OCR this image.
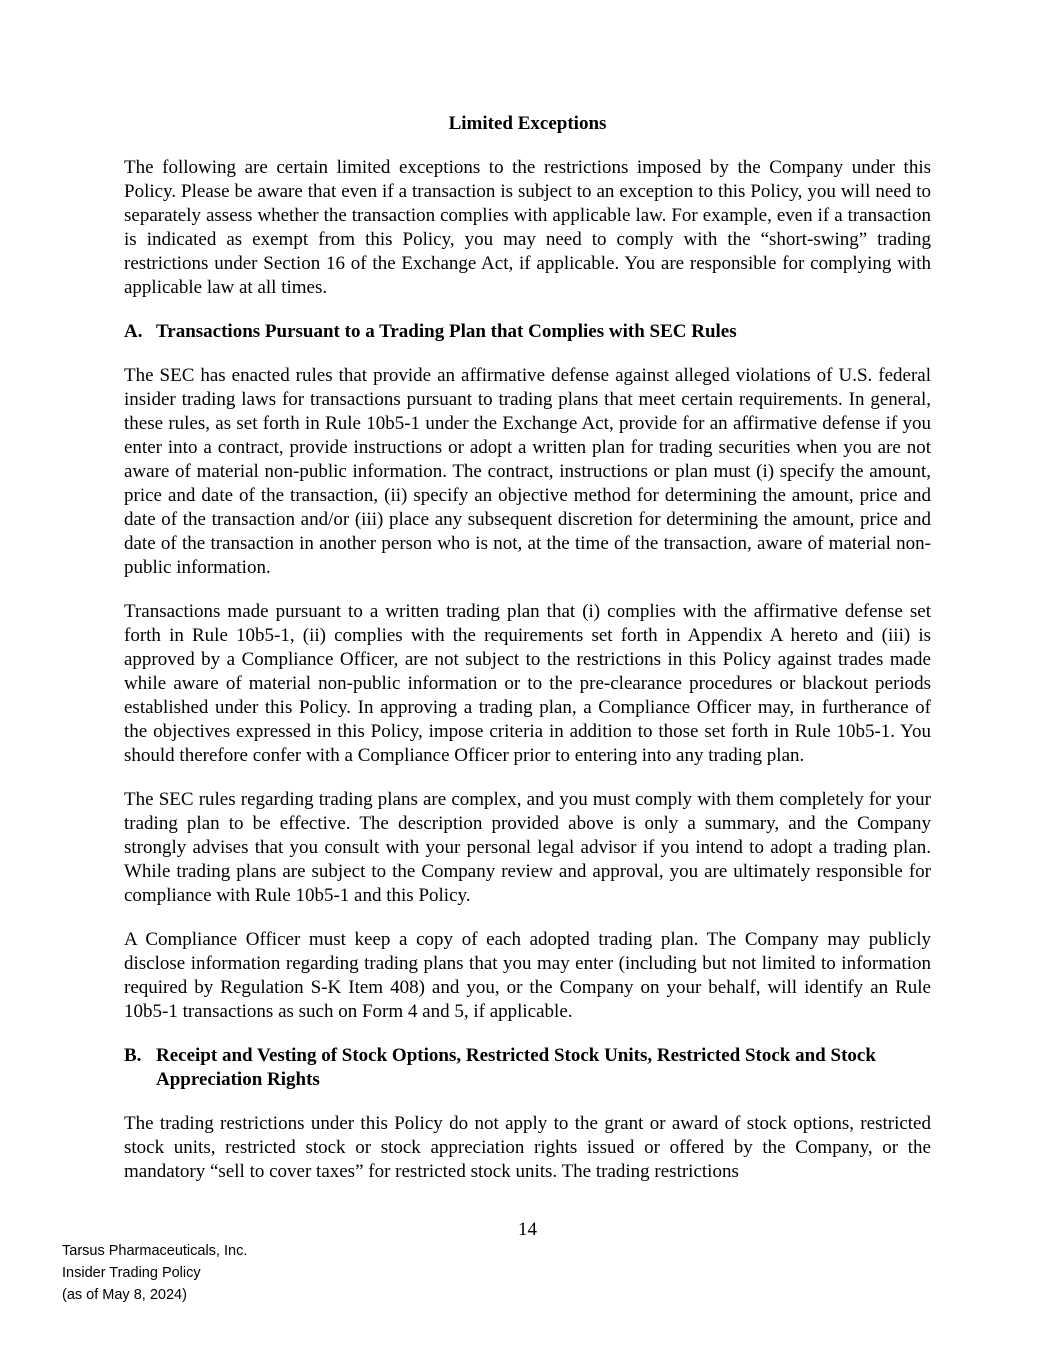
Limited Exceptions

The following are certain limited exceptions to the restrictions imposed by the Company under this Policy. Please be aware that even if a transaction is subject to an exception to this Policy, you will need to separately assess whether the transaction complies with applicable law. For example, even if a transaction is indicated as exempt from this Policy, you may need to comply with the “short-swing” trading restrictions under Section 16 of the Exchange Act, if applicable. You are responsible for complying with applicable law at all times.

A. Transactions Pursuant to a Trading Plan that Complies with SEC Rules

The SEC has enacted rules that provide an affirmative defense against alleged violations of U.S. federal insider trading laws for transactions pursuant to trading plans that meet certain requirements. In general, these rules, as set forth in Rule 10b5-1 under the Exchange Act, provide for an affirmative defense if you enter into a contract, provide instructions or adopt a written plan for trading securities when you are not aware of material non-public information. The contract, instructions or plan must (i) specify the amount, price and date of the transaction, (ii) specify an objective method for determining the amount, price and date of the transaction and/or (iii) place any subsequent discretion for determining the amount, price and date of the transaction in another person who is not, at the time of the transaction, aware of material non-public information.

Transactions made pursuant to a written trading plan that (i) complies with the affirmative defense set forth in Rule 10b5-1, (ii) complies with the requirements set forth in Appendix A hereto and (iii) is approved by a Compliance Officer, are not subject to the restrictions in this Policy against trades made while aware of material non-public information or to the pre-clearance procedures or blackout periods established under this Policy. In approving a trading plan, a Compliance Officer may, in furtherance of the objectives expressed in this Policy, impose criteria in addition to those set forth in Rule 10b5-1. You should therefore confer with a Compliance Officer prior to entering into any trading plan.

The SEC rules regarding trading plans are complex, and you must comply with them completely for your trading plan to be effective. The description provided above is only a summary, and the Company strongly advises that you consult with your personal legal advisor if you intend to adopt a trading plan. While trading plans are subject to the Company review and approval, you are ultimately responsible for compliance with Rule 10b5-1 and this Policy.

A Compliance Officer must keep a copy of each adopted trading plan. The Company may publicly disclose information regarding trading plans that you may enter (including but not limited to information required by Regulation S-K Item 408) and you, or the Company on your behalf, will identify an Rule 10b5-1 transactions as such on Form 4 and 5, if applicable.

B. Receipt and Vesting of Stock Options, Restricted Stock Units, Restricted Stock and Stock Appreciation Rights

The trading restrictions under this Policy do not apply to the grant or award of stock options, restricted stock units, restricted stock or stock appreciation rights issued or offered by the Company, or the mandatory “sell to cover taxes” for restricted stock units. The trading restrictions

14
Tarsus Pharmaceuticals, Inc.
Insider Trading Policy
(as of May 8, 2024)
